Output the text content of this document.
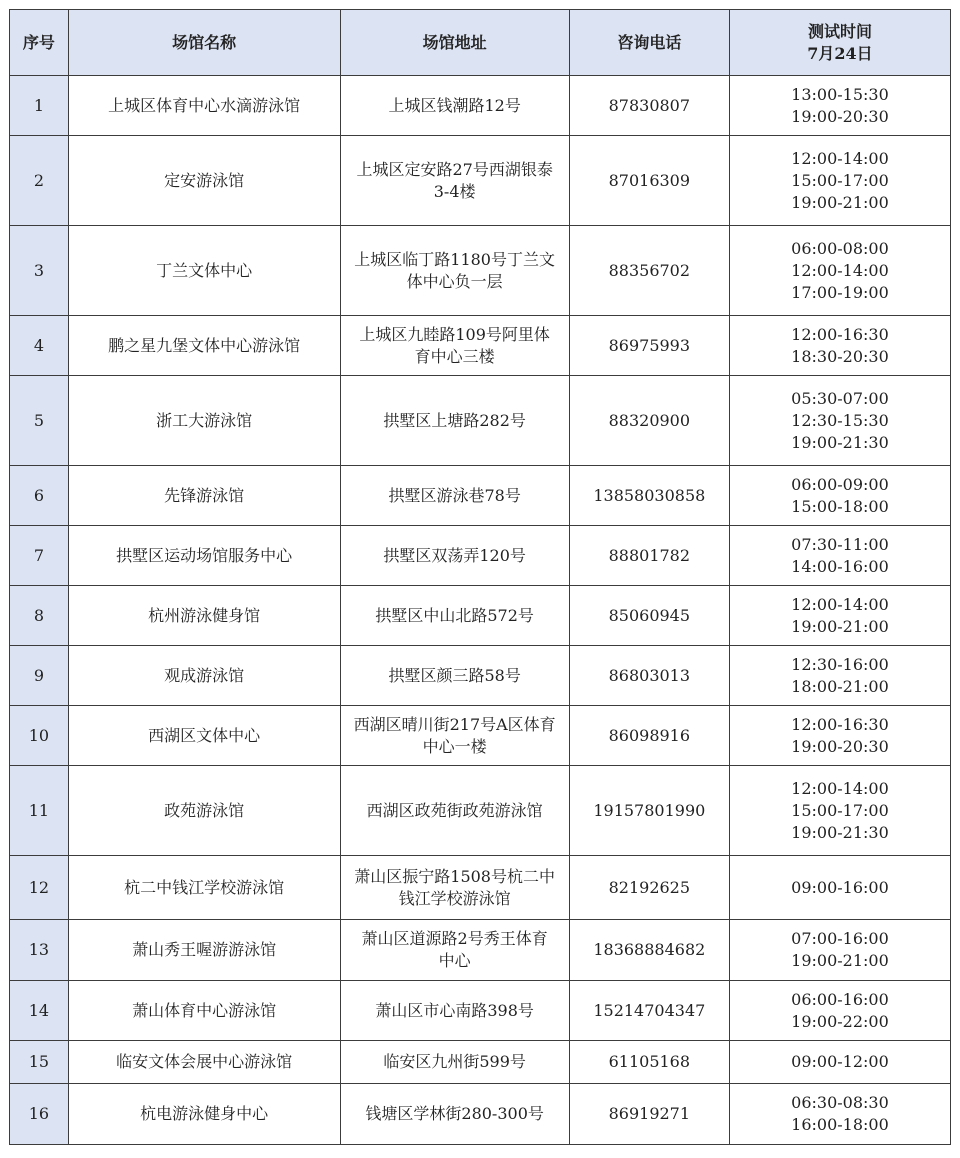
序号	场馆名称	场馆地址	咨询电话	测试时间
7月24日

1	上城区体育中心水滴游泳馆	上城区钱潮路12号	87830807	13:00-15:30
19:00-20:30

2	定安游泳馆	上城区定安路27号西湖银泰
3-4楼	87016309	12:00-14:00
15:00-17:00
19:00-21:00

3	丁兰文体中心	上城区临丁路1180号丁兰文
体中心负一层	88356702	06:00-08:00
12:00-14:00
17:00-19:00

4	鹏之星九堡文体中心游泳馆	上城区九睦路109号阿里体
育中心三楼	86975993	12:00-16:30
18:30-20:30

5	浙工大游泳馆	拱墅区上塘路282号	88320900	05:30-07:00
12:30-15:30
19:00-21:30

6	先锋游泳馆	拱墅区游泳巷78号	13858030858	06:00-09:00
15:00-18:00

7	拱墅区运动场馆服务中心	拱墅区双荡弄120号	88801782	07:30-11:00
14:00-16:00

8	杭州游泳健身馆	拱墅区中山北路572号	85060945	12:00-14:00
19:00-21:00

9	观成游泳馆	拱墅区颜三路58号	86803013	12:30-16:00
18:00-21:00

10	西湖区文体中心	西湖区晴川街217号A区体育
中心一楼	86098916	12:00-16:30
19:00-20:30

11	政苑游泳馆	西湖区政苑街政苑游泳馆	19157801990	12:00-14:00
15:00-17:00
19:00-21:30

12	杭二中钱江学校游泳馆	萧山区振宁路1508号杭二中
钱江学校游泳馆	82192625	09:00-16:00

13	萧山秀王喔游游泳馆	萧山区道源路2号秀王体育
中心	18368884682	07:00-16:00
19:00-21:00

14	萧山体育中心游泳馆	萧山区市心南路398号	15214704347	06:00-16:00
19:00-22:00

15	临安文体会展中心游泳馆	临安区九州街599号	61105168	09:00-12:00

16	杭电游泳健身中心	钱塘区学林街280-300号	86919271	06:30-08:30
16:00-18:00
